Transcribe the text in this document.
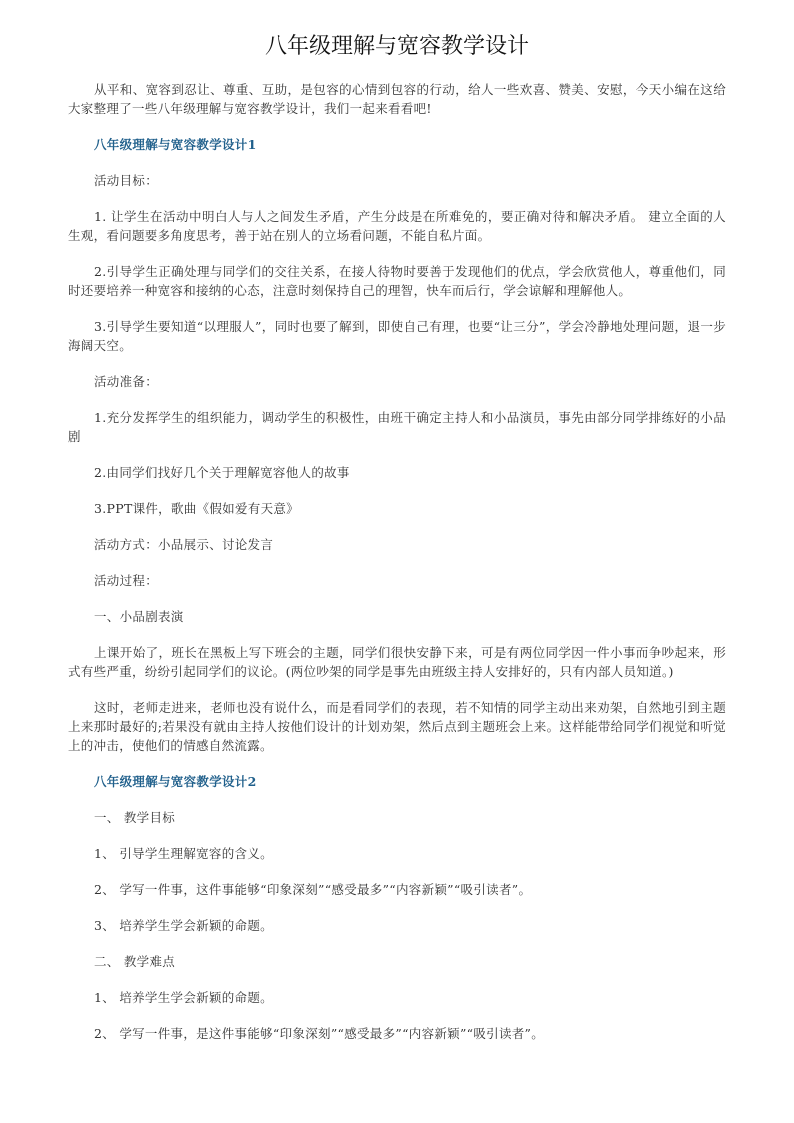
八年级理解与宽容教学设计

从平和、宽容到忍让、尊重、互助，是包容的心情到包容的行动，给人一些欢喜、赞美、安慰，今天小编在这给大家整理了一些八年级理解与宽容教学设计，我们一起来看看吧!

八年级理解与宽容教学设计1

活动目标：

1. 让学生在活动中明白人与人之间发生矛盾，产生分歧是在所难免的，要正确对待和解决矛盾。 建立全面的人生观，看问题要多角度思考，善于站在别人的立场看问题，不能自私片面。

2.引导学生正确处理与同学们的交往关系，在接人待物时要善于发现他们的优点，学会欣赏他人，尊重他们，同时还要培养一种宽容和接纳的心态，注意时刻保持自己的理智，快车而后行，学会谅解和理解他人。

3.引导学生要知道“以理服人”，同时也要了解到，即使自己有理，也要“让三分”，学会冷静地处理问题，退一步海阔天空。

活动准备：

1.充分发挥学生的组织能力，调动学生的积极性，由班干确定主持人和小品演员，事先由部分同学排练好的小品剧

2.由同学们找好几个关于理解宽容他人的故事

3.PPT课件，歌曲《假如爱有天意》

活动方式：小品展示、讨论发言

活动过程：

一、小品剧表演

上课开始了，班长在黑板上写下班会的主题，同学们很快安静下来，可是有两位同学因一件小事而争吵起来，形式有些严重，纷纷引起同学们的议论。(两位吵架的同学是事先由班级主持人安排好的，只有内部人员知道。)

这时，老师走进来，老师也没有说什么，而是看同学们的表现，若不知情的同学主动出来劝架，自然地引到主题上来那时最好的;若果没有就由主持人按他们设计的计划劝架，然后点到主题班会上来。这样能带给同学们视觉和听觉上的冲击，使他们的情感自然流露。

八年级理解与宽容教学设计2

一、 教学目标

1、 引导学生理解宽容的含义。

2、 学写一件事，这件事能够“印象深刻”“感受最多”“内容新颖”“吸引读者”。

3、 培养学生学会新颖的命题。

二、 教学难点

1、 培养学生学会新颖的命题。

2、 学写一件事，是这件事能够“印象深刻”“感受最多”“内容新颖”“吸引读者”。
